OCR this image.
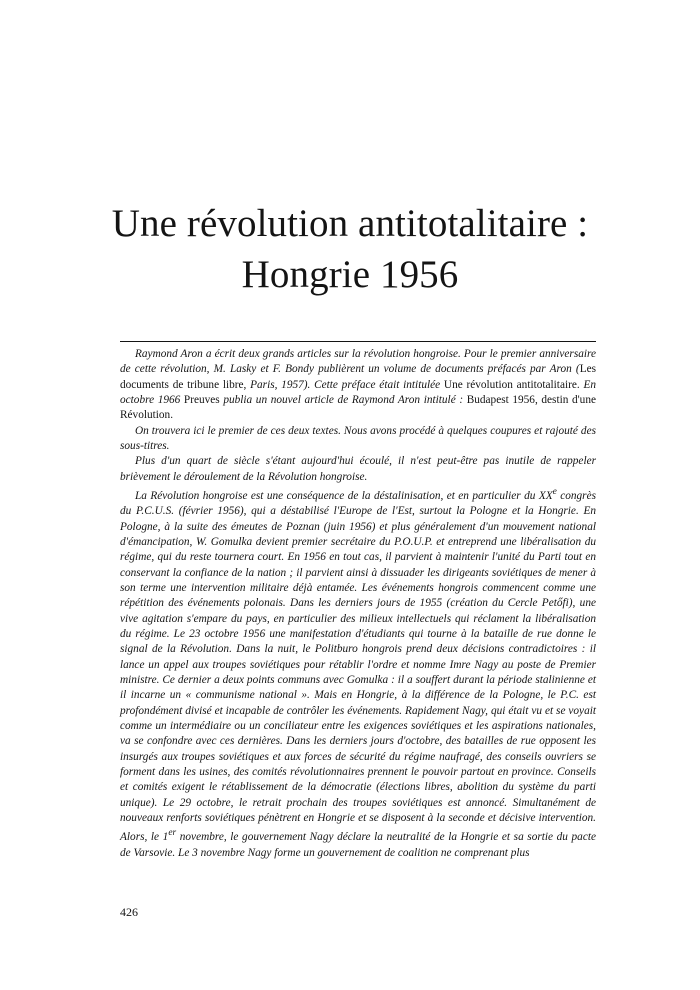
Une révolution antitotalitaire :
Hongrie 1956

Raymond Aron a écrit deux grands articles sur la révolution hongroise. Pour le premier anniversaire de cette révolution, M. Lasky et F. Bondy publièrent un volume de documents préfacés par Aron (Les documents de tribune libre, Paris, 1957). Cette préface était intitulée Une révolution antitotalitaire. En octobre 1966 Preuves publia un nouvel article de Raymond Aron intitulé : Budapest 1956, destin d'une Révolution.

On trouvera ici le premier de ces deux textes. Nous avons procédé à quelques coupures et rajouté des sous-titres.

Plus d'un quart de siècle s'étant aujourd'hui écoulé, il n'est peut-être pas inutile de rappeler brièvement le déroulement de la Révolution hongroise.

La Révolution hongroise est une conséquence de la déstalinisation, et en particulier du XXe congrès du P.C.U.S. (février 1956), qui a déstabilisé l'Europe de l'Est, surtout la Pologne et la Hongrie. En Pologne, à la suite des émeutes de Poznan (juin 1956) et plus généralement d'un mouvement national d'émancipation, W. Gomulka devient premier secrétaire du P.O.U.P. et entreprend une libéralisation du régime, qui du reste tournera court. En 1956 en tout cas, il parvient à maintenir l'unité du Parti tout en conservant la confiance de la nation ; il parvient ainsi à dissuader les dirigeants soviétiques de mener à son terme une intervention militaire déjà entamée. Les événements hongrois commencent comme une répétition des événements polonais. Dans les derniers jours de 1955 (création du Cercle Petőfi), une vive agitation s'empare du pays, en particulier des milieux intellectuels qui réclament la libéralisation du régime. Le 23 octobre 1956 une manifestation d'étudiants qui tourne à la bataille de rue donne le signal de la Révolution. Dans la nuit, le Politburo hongrois prend deux décisions contradictoires : il lance un appel aux troupes soviétiques pour rétablir l'ordre et nomme Imre Nagy au poste de Premier ministre. Ce dernier a deux points communs avec Gomulka : il a souffert durant la période stalinienne et il incarne un « communisme national ». Mais en Hongrie, à la différence de la Pologne, le P.C. est profondément divisé et incapable de contrôler les événements. Rapidement Nagy, qui était vu et se voyait comme un intermédiaire ou un conciliateur entre les exigences soviétiques et les aspirations nationales, va se confondre avec ces dernières. Dans les derniers jours d'octobre, des batailles de rue opposent les insurgés aux troupes soviétiques et aux forces de sécurité du régime naufragé, des conseils ouvriers se forment dans les usines, des comités révolutionnaires prennent le pouvoir partout en province. Conseils et comités exigent le rétablissement de la démocratie (élections libres, abolition du système du parti unique). Le 29 octobre, le retrait prochain des troupes soviétiques est annoncé. Simultanément de nouveaux renforts soviétiques pénètrent en Hongrie et se disposent à la seconde et décisive intervention. Alors, le 1er novembre, le gouvernement Nagy déclare la neutralité de la Hongrie et sa sortie du pacte de Varsovie. Le 3 novembre Nagy forme un gouvernement de coalition ne comprenant plus

426
